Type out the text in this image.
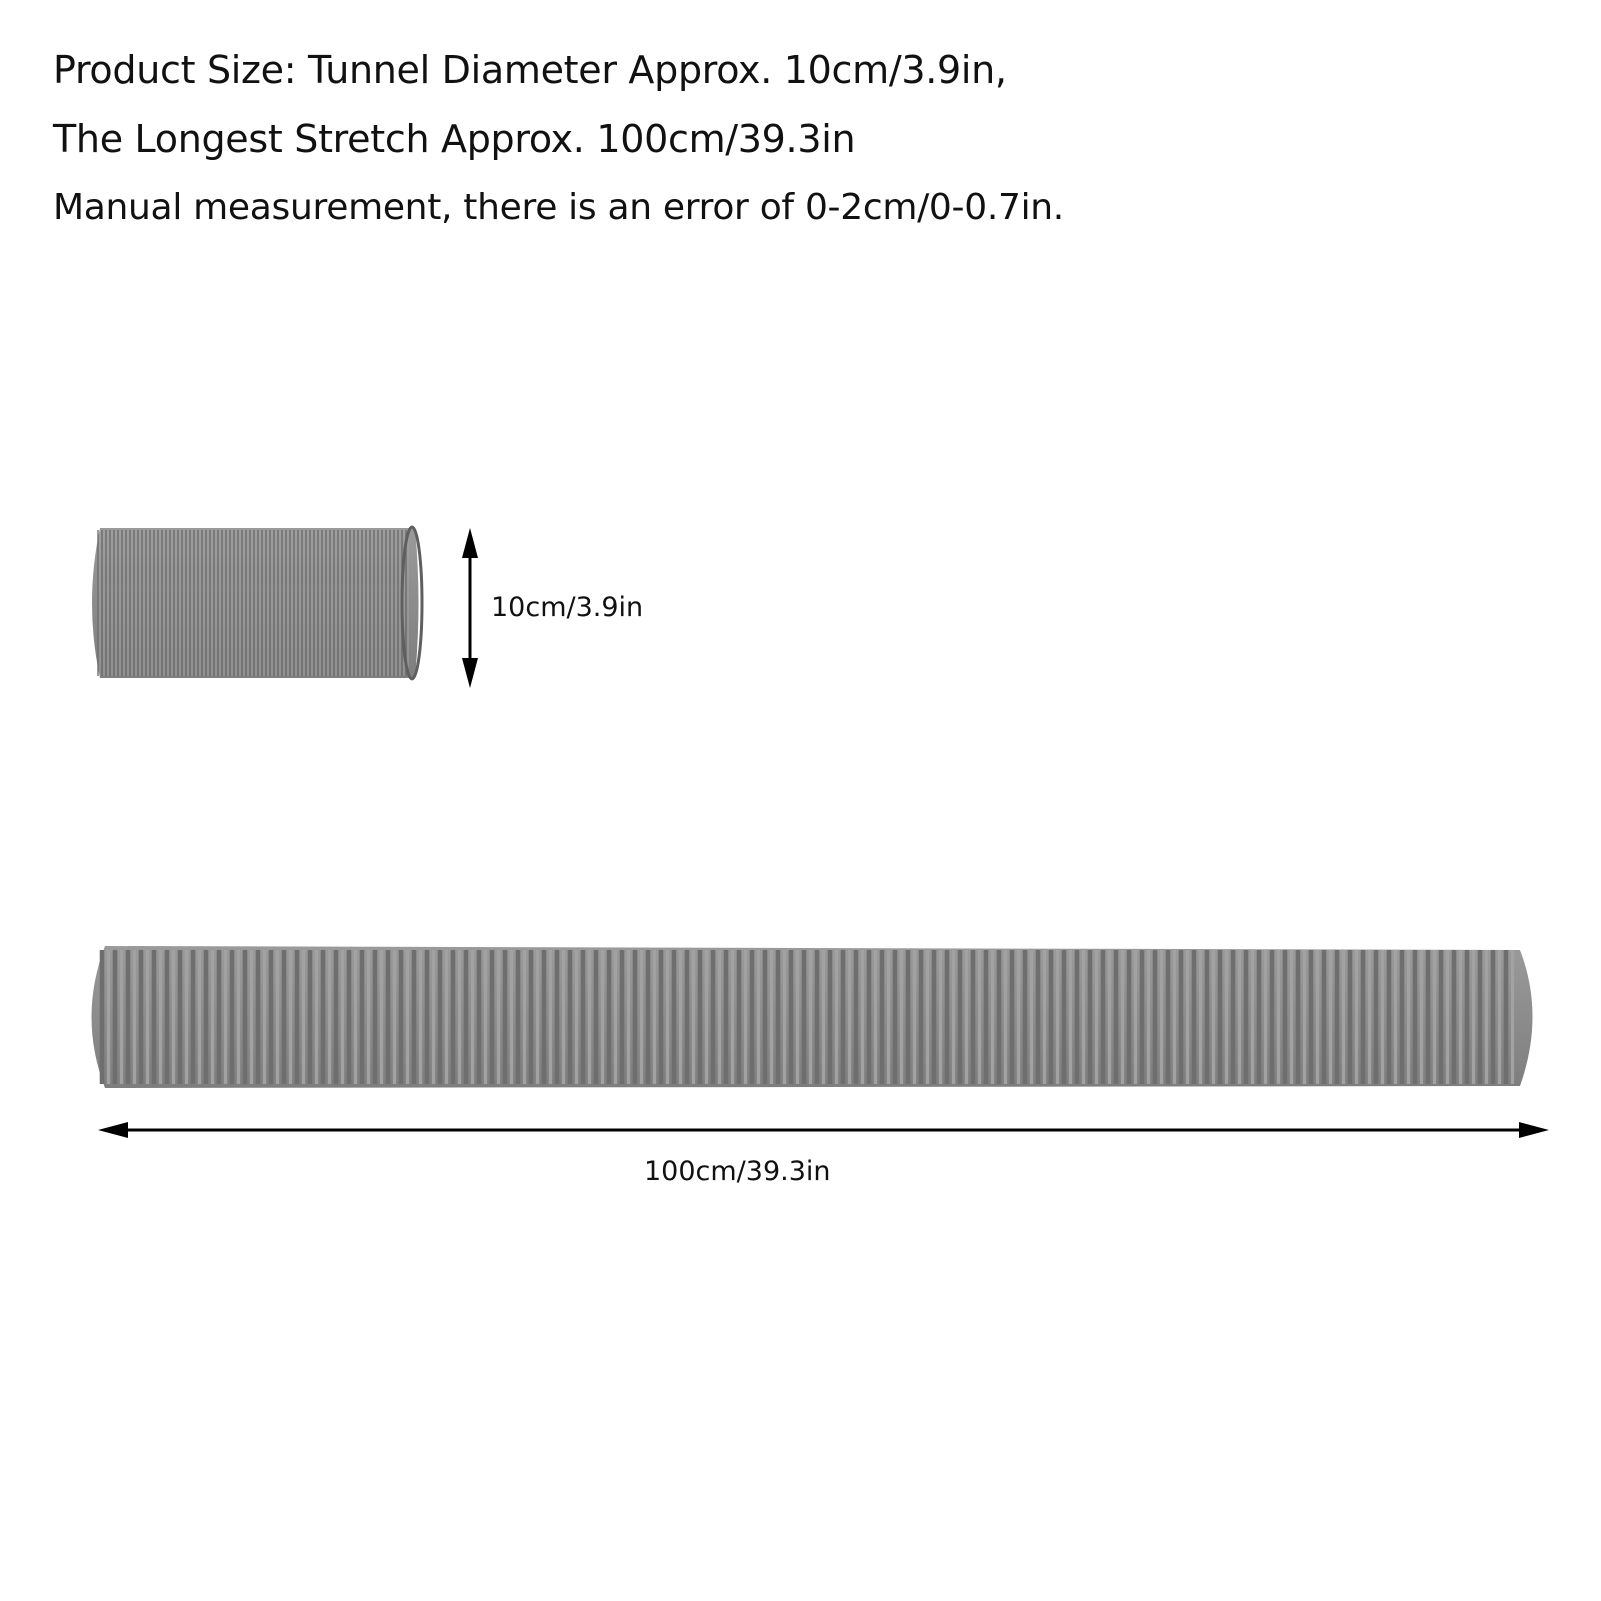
Product Size: Tunnel Diameter Approx. 10cm/3.9in,
The Longest Stretch Approx. 100cm/39.3in
Manual measurement, there is an error of 0-2cm/0-0.7in.
10cm/3.9in
100cm/39.3in
